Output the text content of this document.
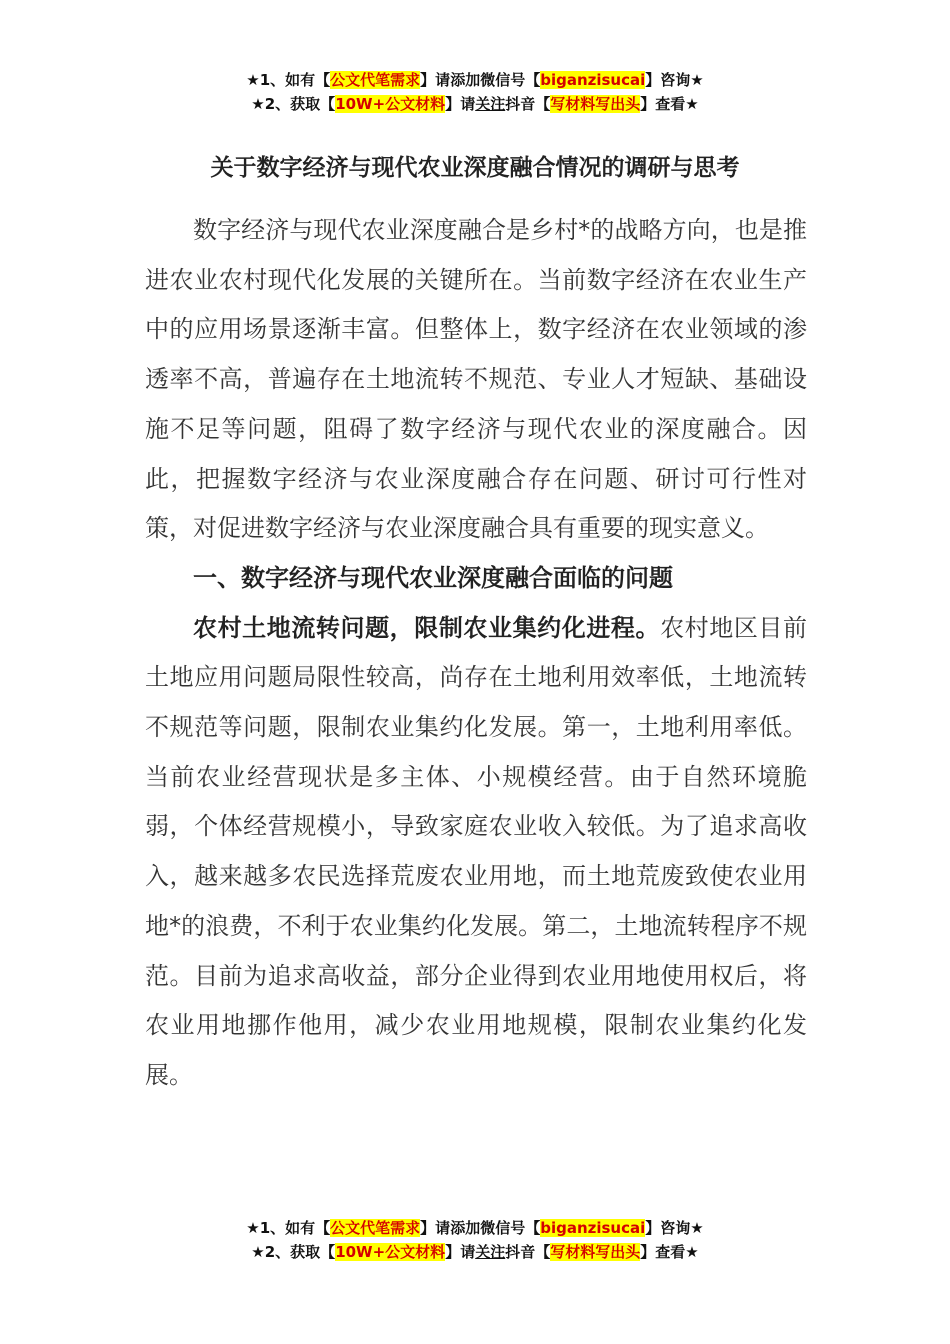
★1、如有【公文代笔需求】请添加微信号【biganzisucai】咨询★
★2、获取【10W+公文材料】请关注抖音【写材料写出头】查看★
关于数字经济与现代农业深度融合情况的调研与思考

数字经济与现代农业深度融合是乡村*的战略方向，也是推进农业农村现代化发展的关键所在。当前数字经济在农业生产中的应用场景逐渐丰富。但整体上，数字经济在农业领域的渗透率不高，普遍存在土地流转不规范、专业人才短缺、基础设施不足等问题，阻碍了数字经济与现代农业的深度融合。因此，把握数字经济与农业深度融合存在问题、研讨可行性对策，对促进数字经济与农业深度融合具有重要的现实意义。

一、数字经济与现代农业深度融合面临的问题

农村土地流转问题，限制农业集约化进程。农村地区目前土地应用问题局限性较高，尚存在土地利用效率低，土地流转不规范等问题，限制农业集约化发展。第一，土地利用率低。当前农业经营现状是多主体、小规模经营。由于自然环境脆弱，个体经营规模小，导致家庭农业收入较低。为了追求高收入，越来越多农民选择荒废农业用地，而土地荒废致使农业用地*的浪费，不利于农业集约化发展。第二，土地流转程序不规范。目前为追求高收益，部分企业得到农业用地使用权后，将农业用地挪作他用，减少农业用地规模，限制农业集约化发展。

★1、如有【公文代笔需求】请添加微信号【biganzisucai】咨询★
★2、获取【10W+公文材料】请关注抖音【写材料写出头】查看★
